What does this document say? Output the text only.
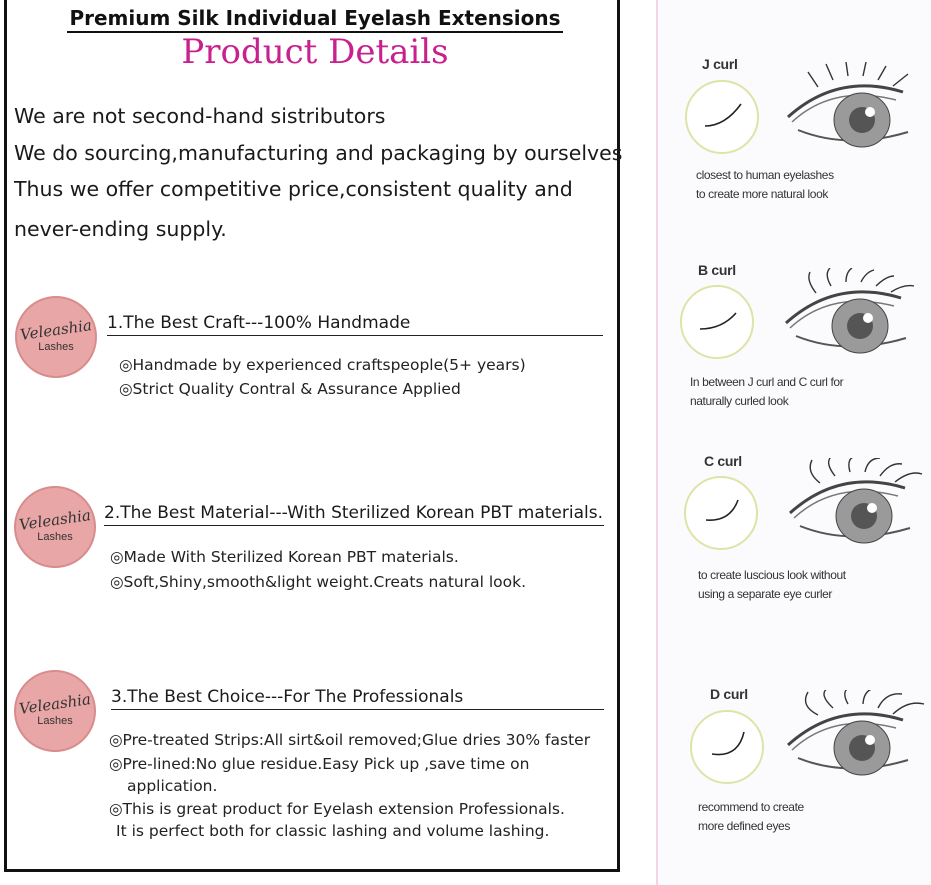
Premium Silk Individual Eyelash Extensions
Product Details
We are not second-hand sistributors
We do sourcing,manufacturing and packaging by ourselves
Thus we offer competitive price,consistent quality and
never-ending supply.
Veleashia
Lashes
1.The Best Craft---100% Handmade
◎Handmade by experienced craftspeople(5+ years)
◎Strict Quality Contral & Assurance Applied
Veleashia
Lashes
2.The Best Material---With Sterilized Korean PBT materials.
◎Made With Sterilized Korean PBT materials.
◎Soft,Shiny,smooth&light weight.Creats natural look.
Veleashia
Lashes
3.The Best Choice---For The Professionals
◎Pre-treated Strips:All sirt&oil removed;Glue dries 30% faster
◎Pre-lined:No glue residue.Easy Pick up ,save time on
application.
◎This is great product for Eyelash extension Professionals.
It is perfect both for classic lashing and volume lashing.
J curl
closest to human eyelashes
to create more natural look
B curl
In between J curl and C curl for
naturally curled look
C curl
to create luscious look without
using a separate eye curler
D curl
recommend to create
more defined eyes
